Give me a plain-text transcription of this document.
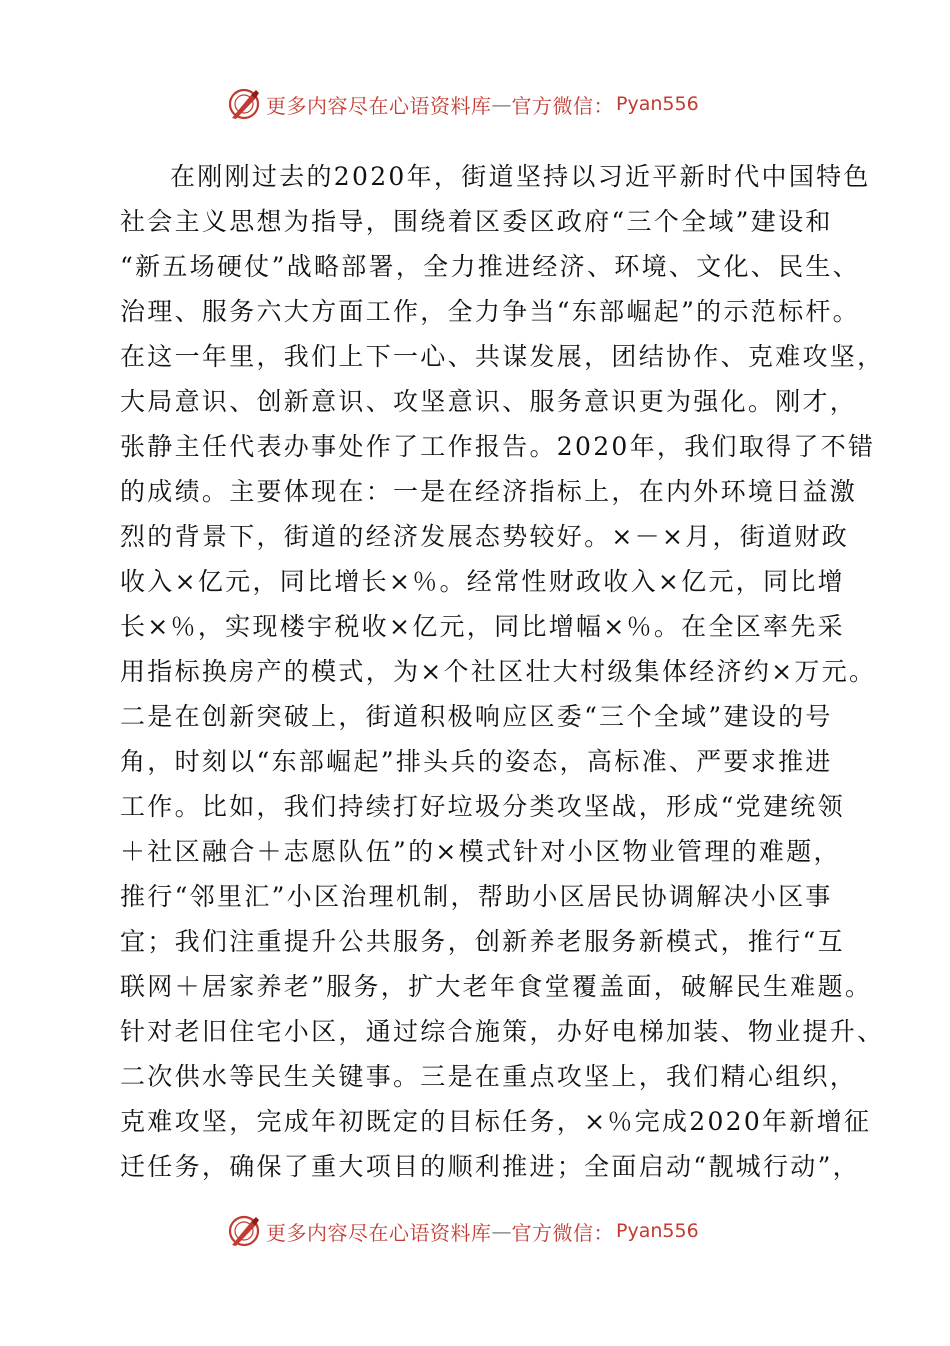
更多内容尽在心语资料库 — 官方微信： Pyan556
在刚刚过去的2020年，街道坚持以习近平新时代中国特色
社会主义思想为指导，围绕着区委区政府“三个全域”建设和
“新五场硬仗”战略部署，全力推进经济、环境、文化、民生、
治理、服务六大方面工作，全力争当“东部崛起”的示范标杆。
在这一年里，我们上下一心、共谋发展，团结协作、克难攻坚，
大局意识、创新意识、攻坚意识、服务意识更为强化。刚才，
张静主任代表办事处作了工作报告。2020年，我们取得了不错
的成绩。主要体现在：一是在经济指标上，在内外环境日益激
烈的背景下，街道的经济发展态势较好。×－×月，街道财政
收入×亿元，同比增长×％。经常性财政收入×亿元，同比增
长×％，实现楼宇税收×亿元，同比增幅×％。在全区率先采
用指标换房产的模式，为×个社区壮大村级集体经济约×万元。
二是在创新突破上，街道积极响应区委“三个全域”建设的号
角，时刻以“东部崛起”排头兵的姿态，高标准、严要求推进
工作。比如，我们持续打好垃圾分类攻坚战，形成“党建统领
＋社区融合＋志愿队伍”的×模式针对小区物业管理的难题，
推行“邻里汇”小区治理机制，帮助小区居民协调解决小区事
宜；我们注重提升公共服务，创新养老服务新模式，推行“互
联网＋居家养老”服务，扩大老年食堂覆盖面，破解民生难题。
针对老旧住宅小区，通过综合施策，办好电梯加装、物业提升、
二次供水等民生关键事。三是在重点攻坚上，我们精心组织，
克难攻坚，完成年初既定的目标任务，×％完成2020年新增征
迁任务，确保了重大项目的顺利推进；全面启动“靓城行动”，
更多内容尽在心语资料库 — 官方微信： Pyan556
